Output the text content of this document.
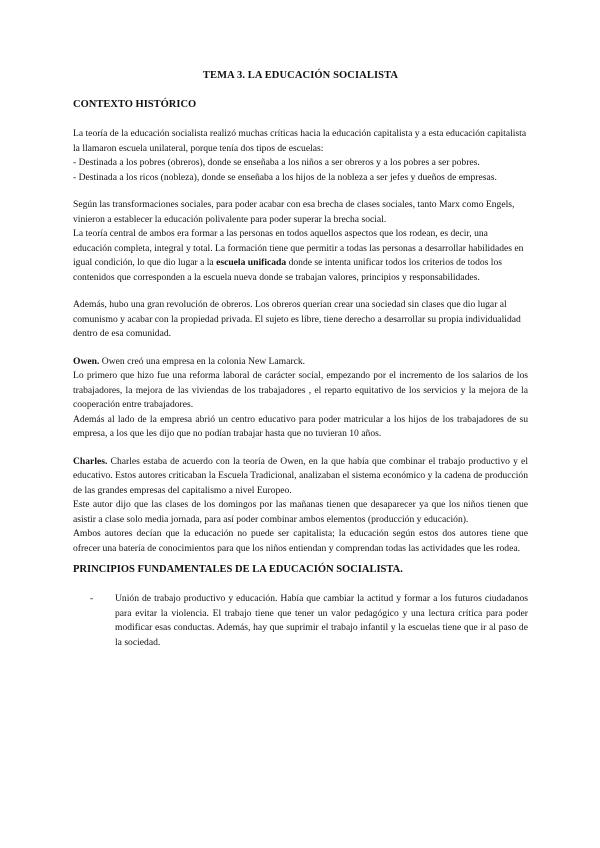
TEMA 3. LA EDUCACIÓN SOCIALISTA
CONTEXTO HISTÓRICO

La teoría de la educación socialista realizó muchas críticas hacia la educación capitalista y a esta educación capitalista la llamaron escuela unilateral, porque tenía dos tipos de escuelas:

- Destinada a los pobres (obreros), donde se enseñaba a los niños a ser obreros y a los pobres a ser pobres.

- Destinada a los ricos (nobleza), donde se enseñaba a los hijos de la nobleza a ser jefes y dueños de empresas.

Según las transformaciones sociales, para poder acabar con esa brecha de clases sociales, tanto Marx como Engels, vinieron a establecer la educación polivalente para poder superar la brecha social.

La teoría central de ambos era formar a las personas en todos aquellos aspectos que los rodean, es decir, una educación completa, integral y total. La formación tiene que permitir a todas las personas a desarrollar habilidades en igual condición, lo que dio lugar a la escuela unificada donde se intenta unificar todos los criterios de todos los contenidos que corresponden a la escuela nueva donde se trabajan valores, principios y responsabilidades.

Además, hubo una gran revolución de obreros. Los obreros querían crear una sociedad sin clases que dio lugar al comunismo y acabar con la propiedad privada. El sujeto es libre, tiene derecho a desarrollar su propia individualidad dentro de esa comunidad.

Owen. Owen creó una empresa en la colonia New Lamarck.

Lo primero que hizo fue una reforma laboral de carácter social, empezando por el incremento de los salarios de los trabajadores, la mejora de las viviendas de los trabajadores , el reparto equitativo de los servicios y la mejora de la cooperación entre trabajadores.

Además al lado de la empresa abrió un centro educativo para poder matricular a los hijos de los trabajadores de su empresa, a los que les dijo que no podían trabajar hasta que no tuvieran 10 años.

Charles. Charles estaba de acuerdo con la teoría de Owen, en la que había que combinar el trabajo productivo y el educativo. Estos autores criticaban la Escuela Tradicional, analizaban el sistema económico y la cadena de producción de las grandes empresas del capitalismo a nivel Europeo.

Este autor dijo que las clases de los domingos por las mañanas tienen que desaparecer ya que los niños tienen que asistir a clase solo media jornada, para así poder combinar ambos elementos (producción y educación).

Ambos autores decían que la educación no puede ser capitalista; la educación según estos dos autores tiene que ofrecer una batería de conocimientos para que los niños entiendan y comprendan todas las actividades que les rodea.

PRINCIPIOS FUNDAMENTALES DE LA EDUCACIÓN SOCIALISTA.
-	Unión de trabajo productivo y educación. Había que cambiar la actitud y formar a los futuros ciudadanos para evitar la violencia. El trabajo tiene que tener un valor pedagógico y una lectura crítica para poder modificar esas conductas. Además, hay que suprimir el trabajo infantil y la escuelas tiene que ir al paso de la sociedad.
